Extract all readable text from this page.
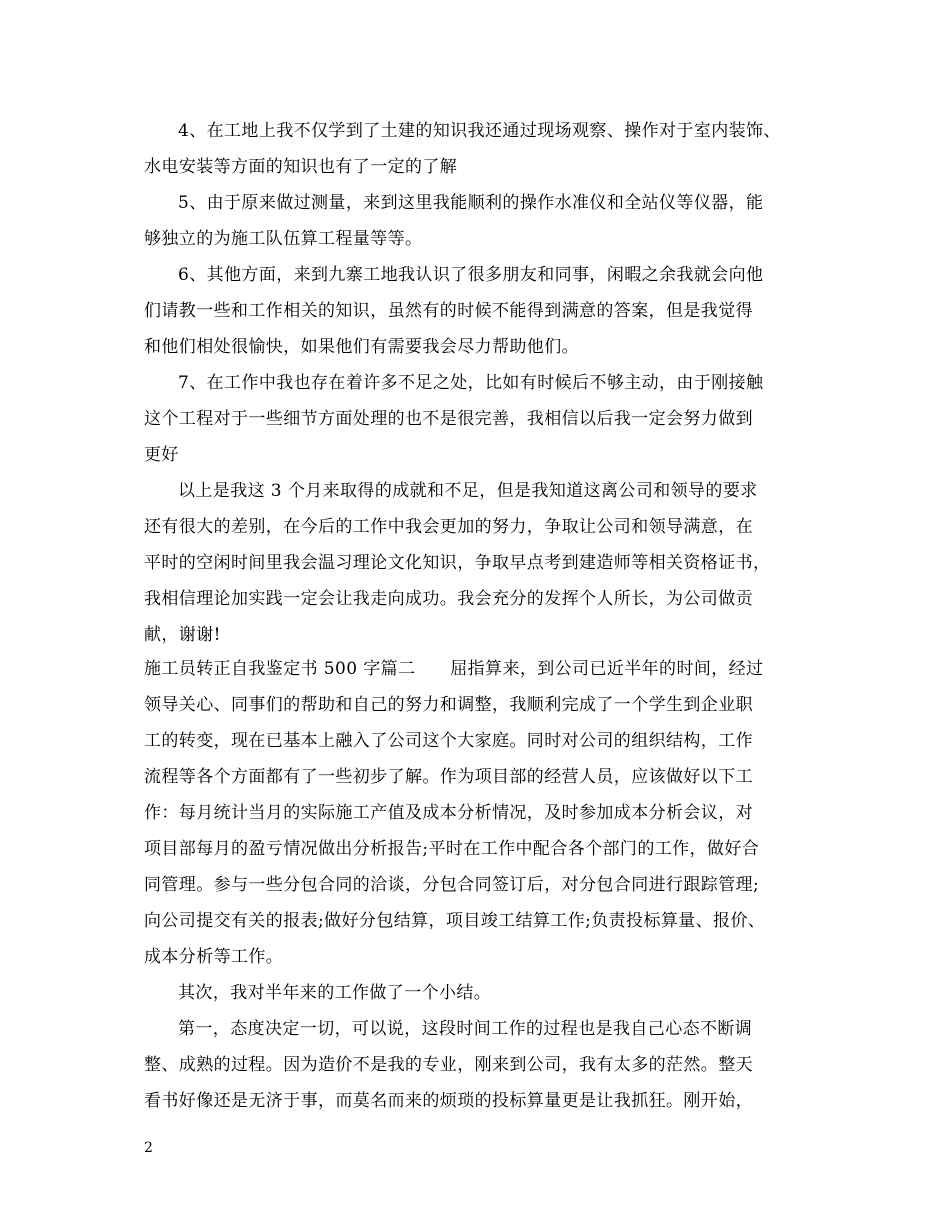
4、在工地上我不仅学到了土建的知识我还通过现场观察、操作对于室内装饰、
水电安装等方面的知识也有了一定的了解
5、由于原来做过测量，来到这里我能顺利的操作水准仪和全站仪等仪器，能
够独立的为施工队伍算工程量等等。
6、其他方面，来到九寨工地我认识了很多朋友和同事，闲暇之余我就会向他
们请教一些和工作相关的知识，虽然有的时候不能得到满意的答案，但是我觉得
和他们相处很愉快，如果他们有需要我会尽力帮助他们。
7、在工作中我也存在着许多不足之处，比如有时候后不够主动，由于刚接触
这个工程对于一些细节方面处理的也不是很完善，我相信以后我一定会努力做到
更好
以上是我这 3 个月来取得的成就和不足，但是我知道这离公司和领导的要求
还有很大的差别，在今后的工作中我会更加的努力，争取让公司和领导满意，在
平时的空闲时间里我会温习理论文化知识，争取早点考到建造师等相关资格证书，
我相信理论加实践一定会让我走向成功。我会充分的发挥个人所长，为公司做贡
献，谢谢!
施工员转正自我鉴定书 500 字篇二　　屈指算来，到公司已近半年的时间，经过
领导关心、同事们的帮助和自己的努力和调整，我顺利完成了一个学生到企业职
工的转变，现在已基本上融入了公司这个大家庭。同时对公司的组织结构，工作
流程等各个方面都有了一些初步了解。作为项目部的经营人员，应该做好以下工
作：每月统计当月的实际施工产值及成本分析情况，及时参加成本分析会议，对
项目部每月的盈亏情况做出分析报告;平时在工作中配合各个部门的工作，做好合
同管理。参与一些分包合同的洽谈，分包合同签订后，对分包合同进行跟踪管理;
向公司提交有关的报表;做好分包结算，项目竣工结算工作;负责投标算量、报价、
成本分析等工作。
其次，我对半年来的工作做了一个小结。
第一，态度决定一切，可以说，这段时间工作的过程也是我自己心态不断调
整、成熟的过程。因为造价不是我的专业，刚来到公司，我有太多的茫然。整天
看书好像还是无济于事，而莫名而来的烦琐的投标算量更是让我抓狂。刚开始，
2
